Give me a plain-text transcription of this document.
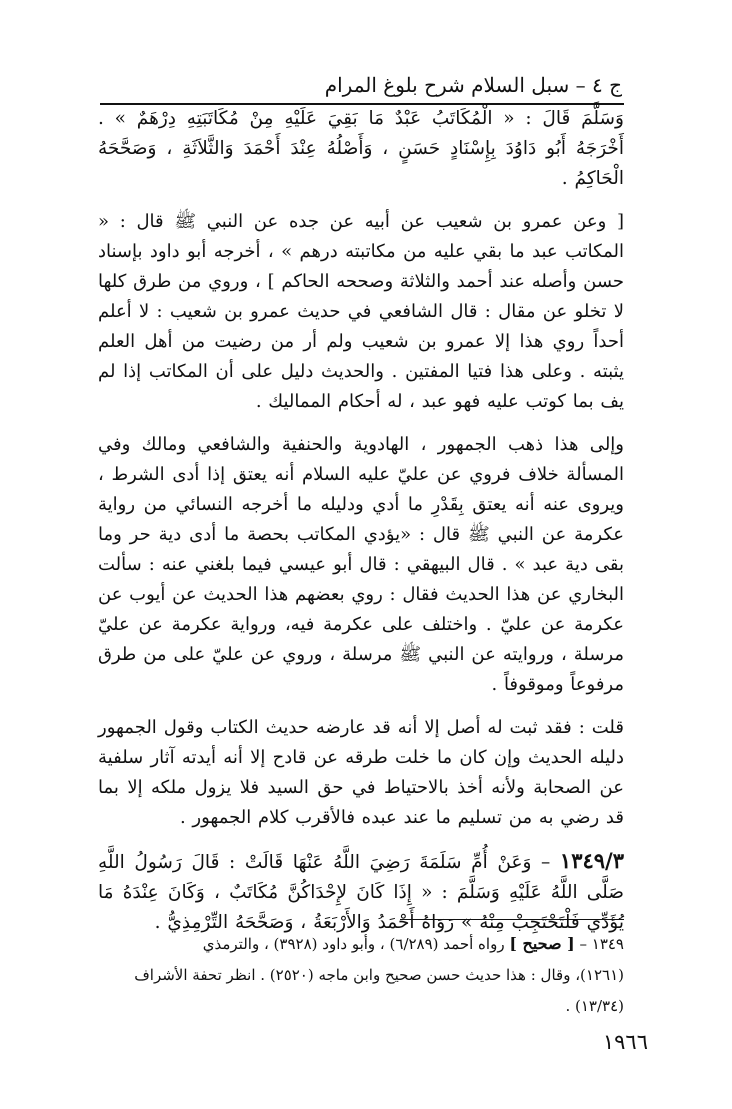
ج ٤ – سبل السلام شرح بلوغ المرام

وَسَلَّمَ قَالَ : « الْمُكَاتَبُ عَبْدٌ مَا بَقِيَ عَلَيْهِ مِنْ مُكَاتَبَتِهِ دِرْهَمٌ » . أَخْرَجَهُ أَبُو دَاوُدَ بِإِسْنَادٍ حَسَنٍ ، وَأَصْلُهُ عِنْدَ أَحْمَدَ وَالثَّلاَثَةِ ، وَصَحَّحَهُ الْحَاكِمُ .

[ وعن عمرو بن شعيب عن أبيه عن جده عن النبي ﷺ قال : « المكاتب عبد ما بقي عليه من مكاتبته درهم » ، أخرجه أبو داود بإسناد حسن وأصله عند أحمد والثلاثة وصححه الحاكم ] ، وروي من طرق كلها لا تخلو عن مقال : قال الشافعي في حديث عمرو بن شعيب : لا أعلم أحداً روي هذا إلا عمرو بن شعيب ولم أر من رضيت من أهل العلم يثبته . وعلى هذا فتيا المفتين . والحديث دليل على أن المكاتب إذا لم يف بما كوتب عليه فهو عبد ، له أحكام المماليك .

وإلى هذا ذهب الجمهور ، الهادوية والحنفية والشافعي ومالك وفي المسألة خلاف فروي عن عليّ عليه السلام أنه يعتق إذا أدى الشرط ، ويروى عنه أنه يعتق بِقَدْرِ ما أدي ودليله ما أخرجه النسائي من رواية عكرمة عن النبي ﷺ قال : «يؤدي المكاتب بحصة ما أدى دية حر وما بقى دية عبد » . قال البيهقي : قال أبو عيسي فيما بلغني عنه : سألت البخاري عن هذا الحديث فقال : روي بعضهم هذا الحديث عن أيوب عن عكرمة عن عليّ . واختلف على عكرمة فيه، ورواية عكرمة عن عليّ مرسلة ، وروايته عن النبي ﷺ مرسلة ، وروي عن عليّ على من طرق مرفوعاً وموقوفاً .

قلت : فقد ثبت له أصل إلا أنه قد عارضه حديث الكتاب وقول الجمهور دليله الحديث وإن كان ما خلت طرقه عن قادح إلا أنه أيدته آثار سلفية عن الصحابة ولأنه أخذ بالاحتياط في حق السيد فلا يزول ملكه إلا بما قد رضي به من تسليم ما عند عبده فالأقرب كلام الجمهور .

١٣٤٩/٣ – وَعَنْ أُمِّ سَلَمَةَ رَضِيَ اللَّهُ عَنْهَا قَالَتْ : قَالَ رَسُولُ اللَّهِ صَلَّى اللَّهُ عَلَيْهِ وَسَلَّمَ : « إِذَا كَانَ لإِحْدَاكُنَّ مُكَاتَبٌ ، وَكَانَ عِنْدَهُ مَا يُؤَدِّي فَلْتَحْتَجِبْ مِنْهُ » رَوَاهُ أَحْمَدُ وَالأَرْبَعَةُ ، وَصَحَّحَهُ التِّرْمِذِيُّ .

١٣٤٩ – [ صحيح ] رواه أحمد (٦/٢٨٩) ، وأبو داود (٣٩٢٨) ، والترمذي

(١٢٦١)، وقال : هذا حديث حسن صحيح وابن ماجه (٢٥٢٠) . انظر تحفة الأشراف

(١٣/٣٤) .

١٩٦٦
